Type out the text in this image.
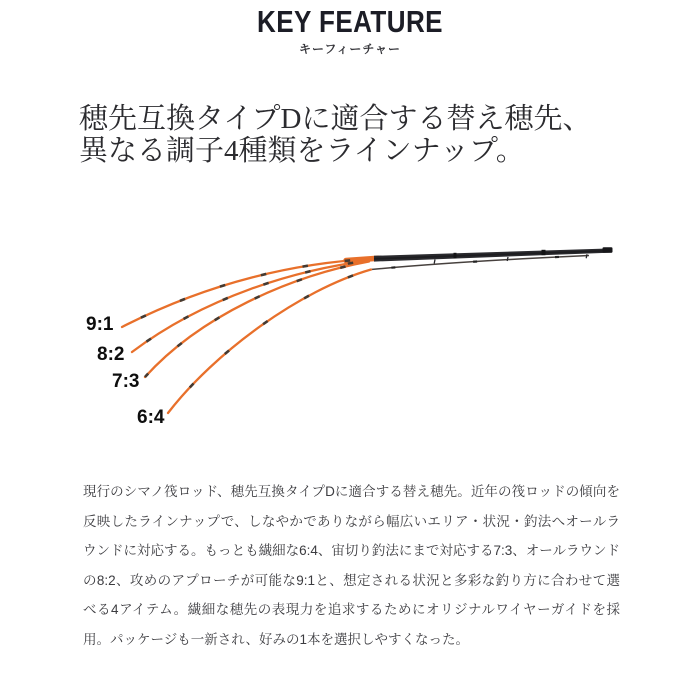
KEY FEATURE
キーフィーチャー
穂先互換タイプDに適合する替え穂先、
異なる調子4種類をラインナップ。
9:1
8:2
7:3
6:4
現行のシマノ筏ロッド、穂先互換タイプDに適合する替え穂先。近年の筏ロッドの傾向を反映したラインナップで、しなやかでありながら幅広いエリア・状況・釣法へオールラウンドに対応する。もっとも繊細な6:4、宙切り釣法にまで対応する7:3、オールラウンドの8:2、攻めのアプローチが可能な9:1と、想定される状況と多彩な釣り方に合わせて選べる4アイテム。繊細な穂先の表現力を追求するためにオリジナルワイヤーガイドを採用。パッケージも一新され、好みの1本を選択しやすくなった。
